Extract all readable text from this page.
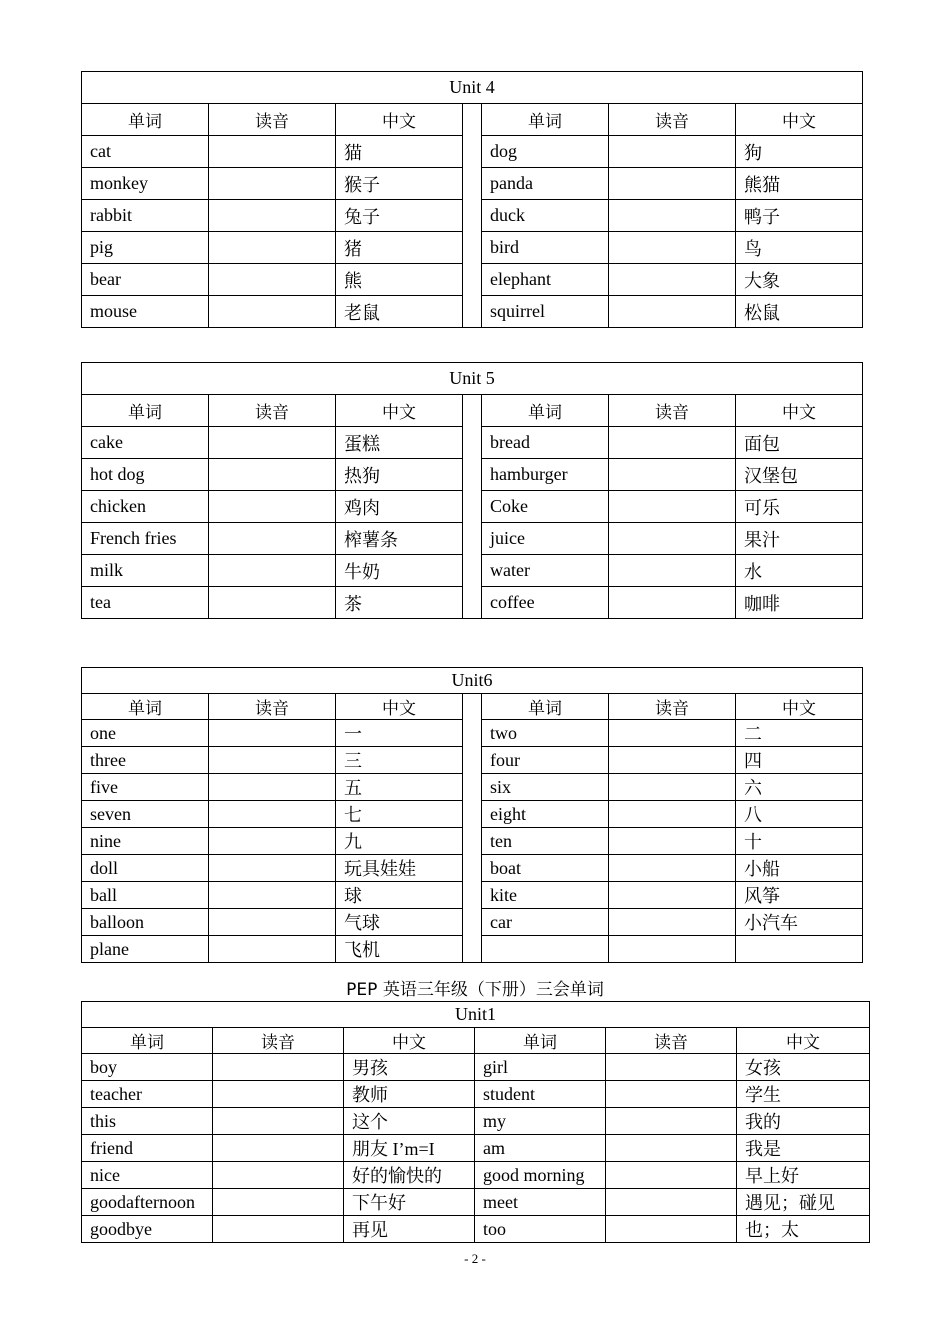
Unit 4						
单词	读音	中文		单词	读音	中文
cat		猫		dog		狗
monkey		猴子		panda		熊猫
rabbit		兔子		duck		鸭子
pig		猪		bird		鸟
bear		熊		elephant		大象
mouse		老鼠		squirrel		松鼠
Unit 5						
单词	读音	中文		单词	读音	中文
cake		蛋糕		bread		面包
hot dog		热狗		hamburger		汉堡包
chicken		鸡肉		Coke		可乐
French fries		榨薯条		juice		果汁
milk		牛奶		water		水
tea		茶		coffee		咖啡
Unit6						
单词	读音	中文		单词	读音	中文
one		一		two		二
three		三		four		四
five		五		six		六
seven		七		eight		八
nine		九		ten		十
doll		玩具娃娃		boat		小船
ball		球		kite		风筝
balloon		气球		car		小汽车
plane		飞机				
PEP 英语三年级（下册）三会单词
Unit1					
单词	读音	中文	单词	读音	中文
boy		男孩	girl		女孩
teacher		教师	student		学生
this		这个	my		我的
friend		朋友 I’m=I	am		我是
nice		好的愉快的	good morning		早上好
goodafternoon		下午好	meet		遇见；碰见
goodbye		再见	too		也；太
- 2 -
